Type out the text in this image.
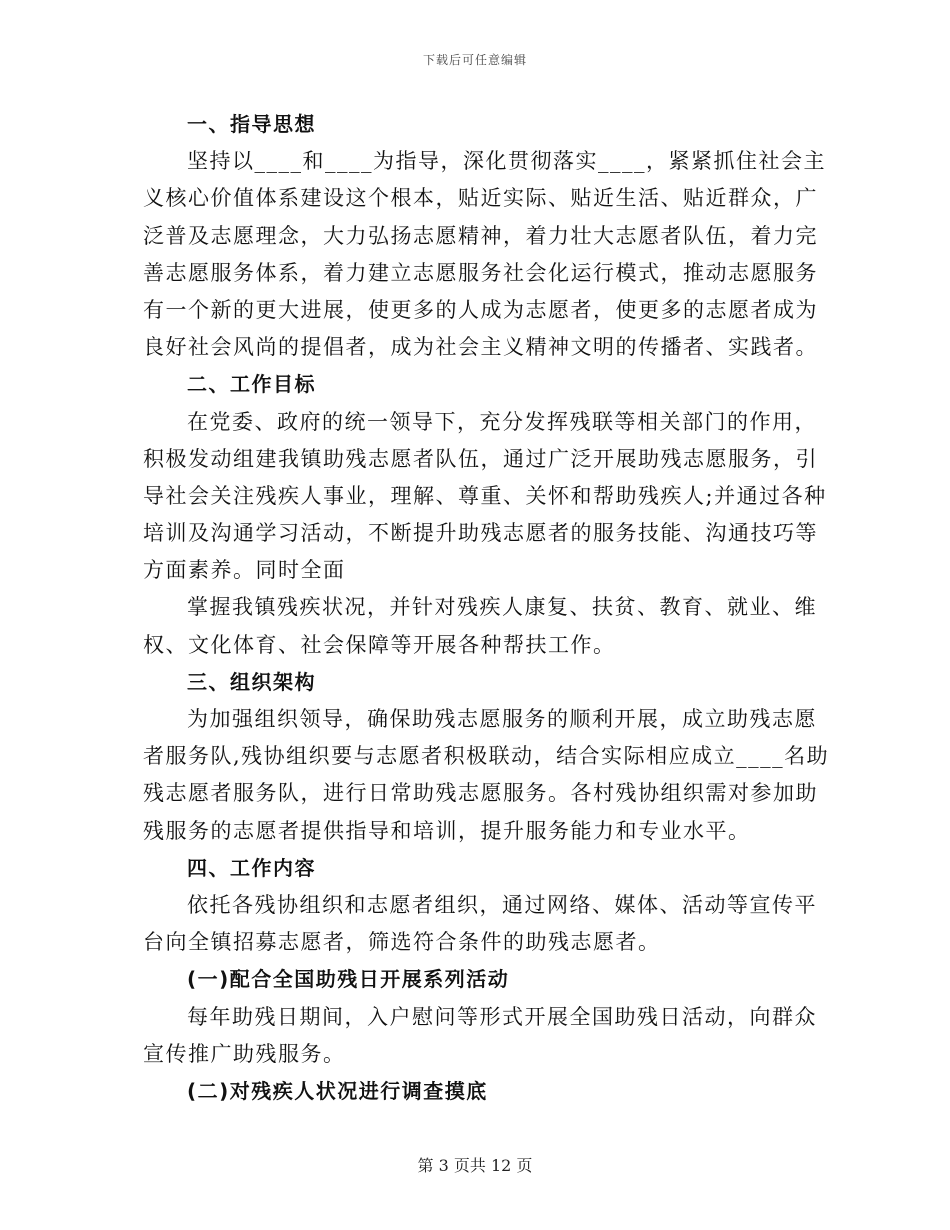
下载后可任意编辑
一、指导思想
坚持以____和____为指导，深化贯彻落实____，紧紧抓住社会主
义核心价值体系建设这个根本，贴近实际、贴近生活、贴近群众，广
泛普及志愿理念，大力弘扬志愿精神，着力壮大志愿者队伍，着力完
善志愿服务体系，着力建立志愿服务社会化运行模式，推动志愿服务
有一个新的更大进展，使更多的人成为志愿者，使更多的志愿者成为
良好社会风尚的提倡者，成为社会主义精神文明的传播者、实践者。
二、工作目标
在党委、政府的统一领导下，充分发挥残联等相关部门的作用，
积极发动组建我镇助残志愿者队伍，通过广泛开展助残志愿服务，引
导社会关注残疾人事业，理解、尊重、关怀和帮助残疾人;并通过各种
培训及沟通学习活动，不断提升助残志愿者的服务技能、沟通技巧等
方面素养。同时全面
掌握我镇残疾状况，并针对残疾人康复、扶贫、教育、就业、维
权、文化体育、社会保障等开展各种帮扶工作。
三、组织架构
为加强组织领导，确保助残志愿服务的顺利开展，成立助残志愿
者服务队,残协组织要与志愿者积极联动，结合实际相应成立____名助
残志愿者服务队，进行日常助残志愿服务。各村残协组织需对参加助
残服务的志愿者提供指导和培训，提升服务能力和专业水平。
四、工作内容
依托各残协组织和志愿者组织，通过网络、媒体、活动等宣传平
台向全镇招募志愿者，筛选符合条件的助残志愿者。
(一)配合全国助残日开展系列活动
每年助残日期间，入户慰问等形式开展全国助残日活动，向群众
宣传推广助残服务。
(二)对残疾人状况进行调查摸底
第 3 页共 12 页
